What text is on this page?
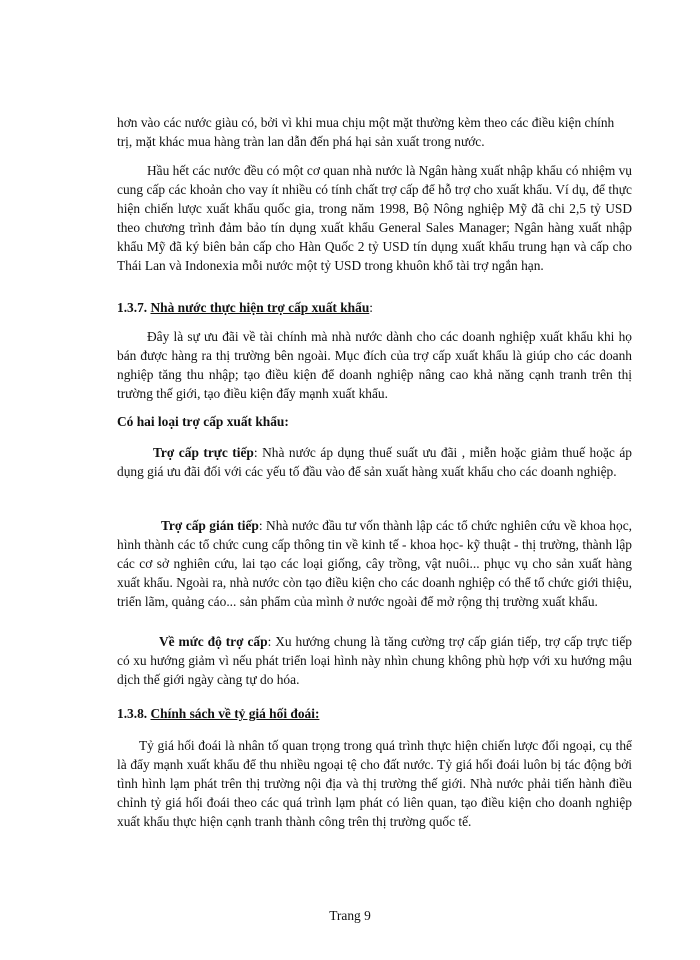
hơn vào các nước giàu có, bởi vì khi mua chịu một mặt thường kèm theo các điều kiện chính trị, mặt khác mua hàng tràn lan dẫn đến phá hại sản xuất trong nước.

Hầu hết các nước đều có một cơ quan nhà nước là Ngân hàng xuất nhập khẩu có nhiệm vụ cung cấp các khoản cho vay ít nhiều có tính chất trợ cấp để hỗ trợ cho xuất khẩu. Ví dụ, để thực hiện chiến lược xuất khẩu quốc gia, trong năm 1998, Bộ Nông nghiệp Mỹ đã chi 2,5 tỷ USD theo chương trình đảm bảo tín dụng xuất khẩu General Sales Manager; Ngân hàng xuất nhập khẩu Mỹ đã ký biên bản cấp cho Hàn Quốc 2 tỷ USD tín dụng xuất khẩu trung hạn và cấp cho Thái Lan và Indonexia mỗi nước một tỷ USD trong khuôn khổ tài trợ ngắn hạn.

1.3.7. Nhà nước thực hiện trợ cấp xuất khẩu:

Đây là sự ưu đãi về tài chính mà nhà nước dành cho các doanh nghiệp xuất khẩu khi họ bán được hàng ra thị trường bên ngoài. Mục đích của trợ cấp xuất khẩu là giúp cho các doanh nghiệp tăng thu nhập; tạo điều kiện để doanh nghiệp nâng cao khả năng cạnh tranh trên thị trường thế giới, tạo điều kiện đẩy mạnh xuất khẩu.

Có hai loại trợ cấp xuất khẩu:

Trợ cấp trực tiếp: Nhà nước áp dụng thuế suất ưu đãi , miễn hoặc giảm thuế hoặc áp dụng giá ưu đãi đối với các yếu tố đầu vào để sản xuất hàng xuất khẩu cho các doanh nghiệp.

Trợ cấp gián tiếp: Nhà nước đầu tư vốn thành lập các tổ chức nghiên cứu về khoa học, hình thành các tổ chức cung cấp thông tin về kinh tế - khoa học- kỹ thuật - thị trường, thành lập các cơ sở nghiên cứu, lai tạo các loại giống, cây trồng, vật nuôi... phục vụ cho sản xuất hàng xuất khẩu. Ngoài ra, nhà nước còn tạo điều kiện cho các doanh nghiệp có thể tổ chức giới thiệu, triển lãm, quảng cáo... sản phẩm của mình ở nước ngoài để mở rộng thị trường xuất khẩu.

Về mức độ trợ cấp: Xu hướng chung là tăng cường trợ cấp gián tiếp, trợ cấp trực tiếp có xu hướng giảm vì nếu phát triển loại hình này nhìn chung không phù hợp với xu hướng mậu dịch thế giới ngày càng tự do hóa.

1.3.8. Chính sách về tỷ giá hối đoái:

Tỷ giá hối đoái là nhân tố quan trọng trong quá trình thực hiện chiến lược đối ngoại, cụ thể là đẩy mạnh xuất khẩu để thu nhiều ngoại tệ cho đất nước. Tỷ giá hối đoái luôn bị tác động bởi tình hình lạm phát trên thị trường nội địa và thị trường thế giới. Nhà nước phải tiến hành điều chỉnh tỷ giá hối đoái theo các quá trình lạm phát có liên quan, tạo điều kiện cho doanh nghiệp xuất khẩu thực hiện cạnh tranh thành công trên thị trường quốc tế.

Trang 9
